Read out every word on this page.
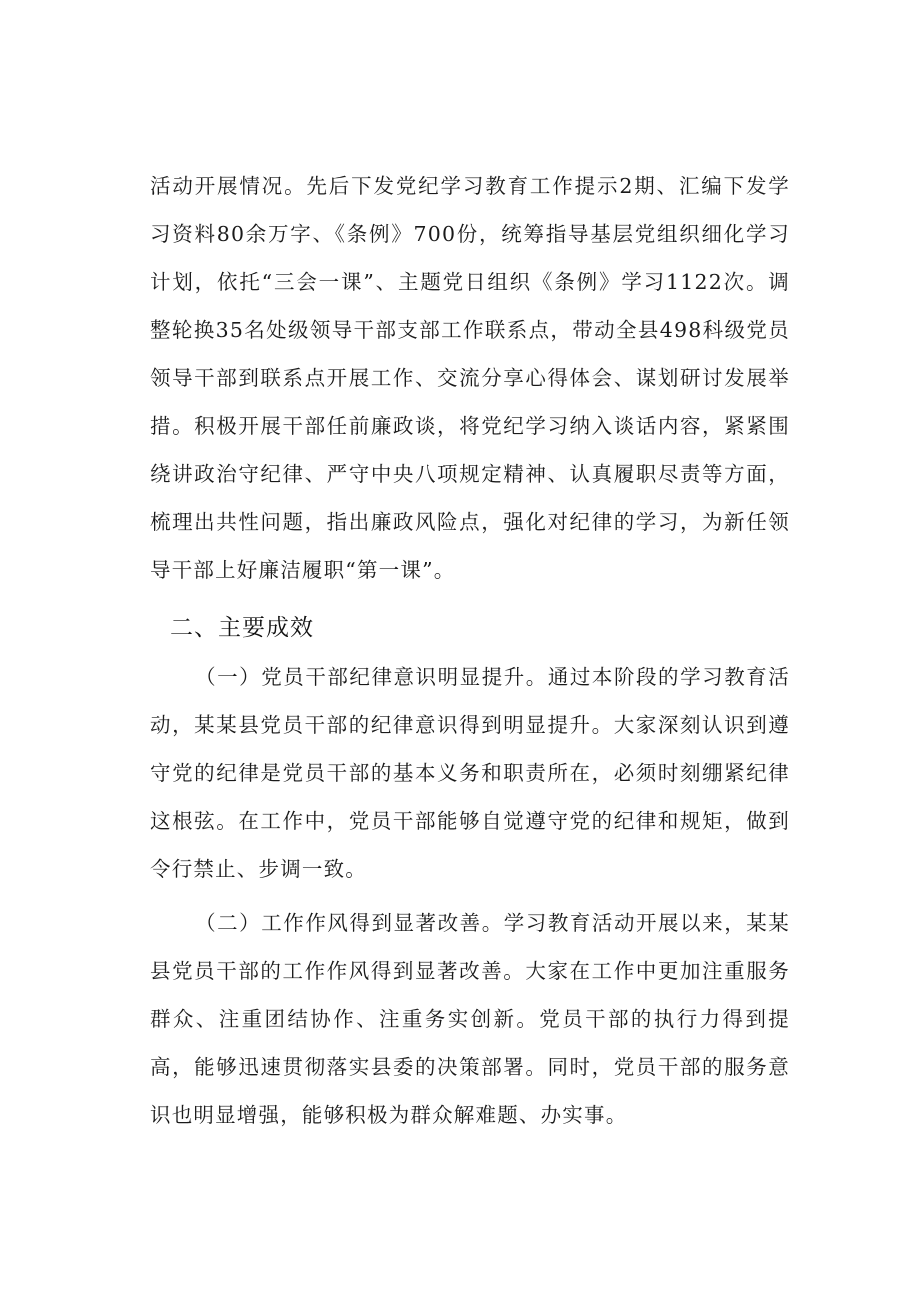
活动开展情况。先后下发党纪学习教育工作提示2期、汇编下发学习资料80余万字、《条例》700份，统筹指导基层党组织细化学习计划，依托“三会一课”、主题党日组织《条例》学习1122次。调整轮换35名处级领导干部支部工作联系点，带动全县498科级党员领导干部到联系点开展工作、交流分享心得体会、谋划研讨发展举措。积极开展干部任前廉政谈，将党纪学习纳入谈话内容，紧紧围绕讲政治守纪律、严守中央八项规定精神、认真履职尽责等方面，梳理出共性问题，指出廉政风险点，强化对纪律的学习，为新任领导干部上好廉洁履职“第一课”。

二、主要成效

（一）党员干部纪律意识明显提升。通过本阶段的学习教育活动，某某县党员干部的纪律意识得到明显提升。大家深刻认识到遵守党的纪律是党员干部的基本义务和职责所在，必须时刻绷紧纪律这根弦。在工作中，党员干部能够自觉遵守党的纪律和规矩，做到令行禁止、步调一致。

（二）工作作风得到显著改善。学习教育活动开展以来，某某县党员干部的工作作风得到显著改善。大家在工作中更加注重服务群众、注重团结协作、注重务实创新。党员干部的执行力得到提高，能够迅速贯彻落实县委的决策部署。同时，党员干部的服务意识也明显增强，能够积极为群众解难题、办实事。
